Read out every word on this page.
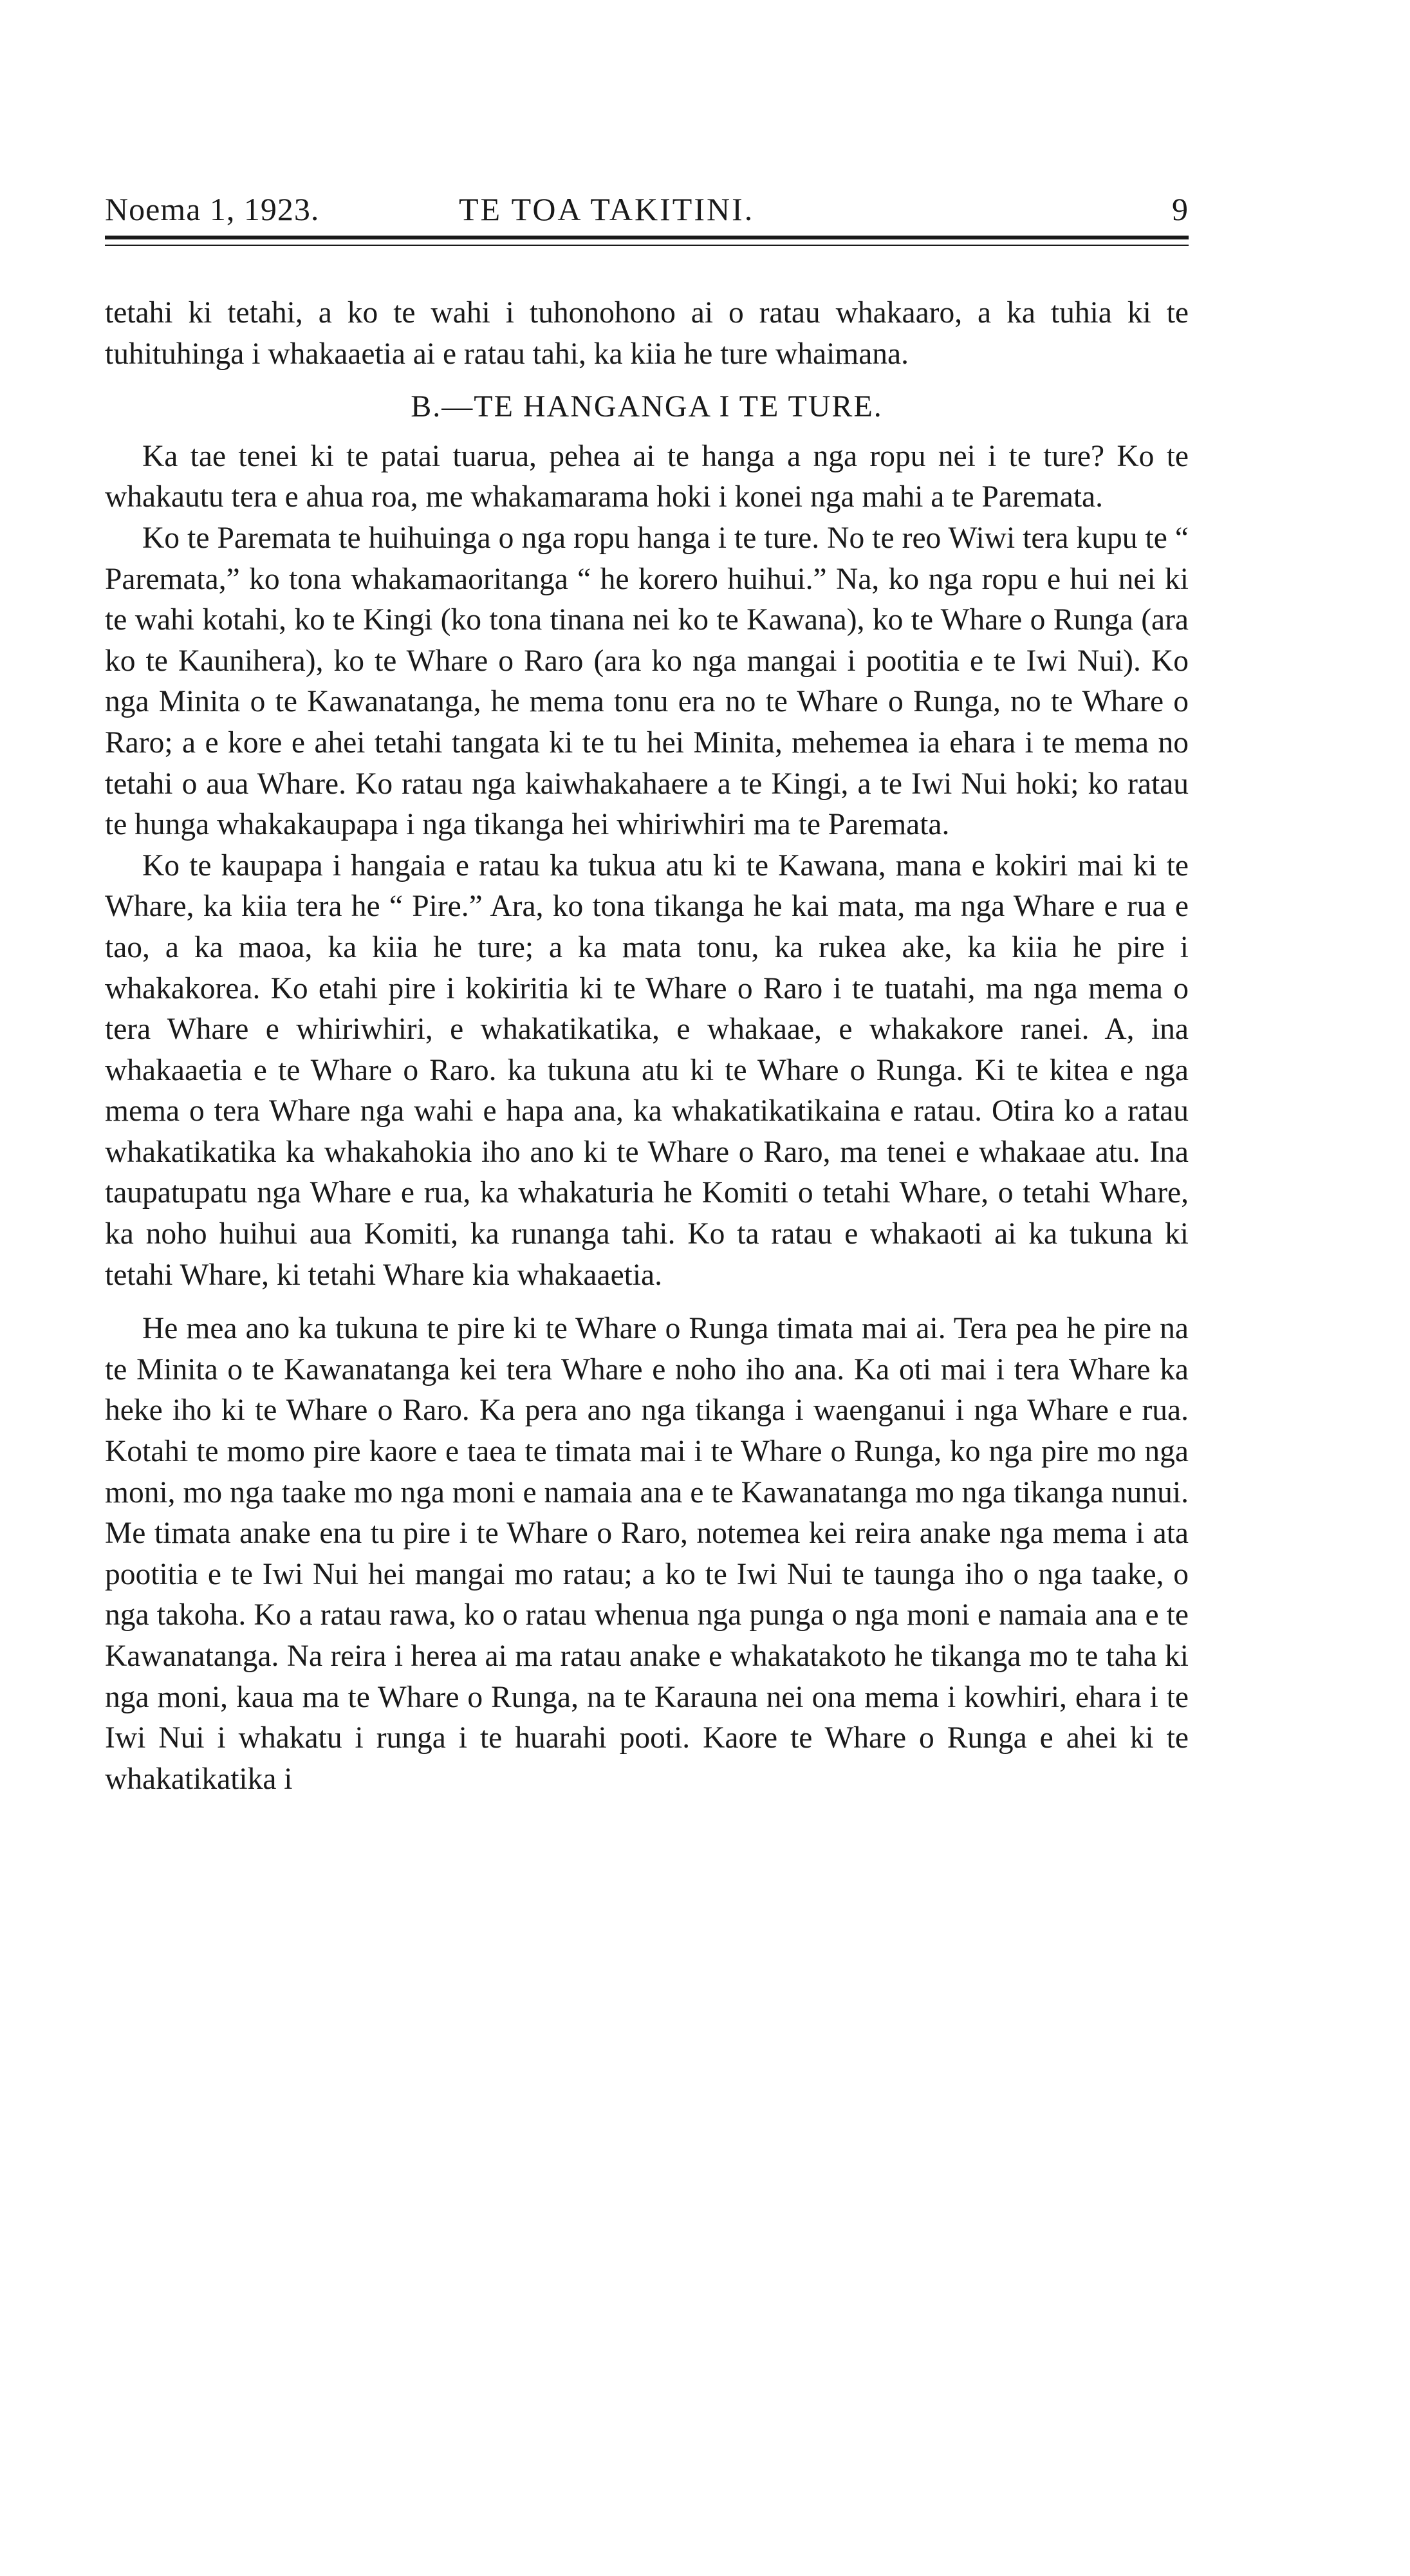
Noema 1, 1923.	TE TOA TAKITINI.	9

tetahi ki tetahi, a ko te wahi i tuhonohono ai o ratau whakaaro, a ka tuhia ki te tuhituhinga i whakaaetia ai e ratau tahi, ka kiia he ture whaimana.

B.—TE HANGANGA I TE TURE.

Ka tae tenei ki te patai tuarua, pehea ai te hanga a nga ropu nei i te ture? Ko te whakautu tera e ahua roa, me whakamarama hoki i konei nga mahi a te Paremata.

Ko te Paremata te huihuinga o nga ropu hanga i te ture. No te reo Wiwi tera kupu te “ Paremata,” ko tona whakamaoritanga “ he korero huihui.” Na, ko nga ropu e hui nei ki te wahi kotahi, ko te Kingi (ko tona tinana nei ko te Kawana), ko te Whare o Runga (ara ko te Kaunihera), ko te Whare o Raro (ara ko nga mangai i pootitia e te Iwi Nui). Ko nga Minita o te Kawanatanga, he mema tonu era no te Whare o Runga, no te Whare o Raro; a e kore e ahei tetahi tangata ki te tu hei Minita, mehemea ia ehara i te mema no tetahi o aua Whare. Ko ratau nga kaiwhakahaere a te Kingi, a te Iwi Nui hoki; ko ratau te hunga whakakaupapa i nga tikanga hei whiriwhiri ma te Paremata.

Ko te kaupapa i hangaia e ratau ka tukua atu ki te Kawana, mana e kokiri mai ki te Whare, ka kiia tera he “ Pire.” Ara, ko tona tikanga he kai mata, ma nga Whare e rua e tao, a ka maoa, ka kiia he ture; a ka mata tonu, ka rukea ake, ka kiia he pire i whakakorea. Ko etahi pire i kokiritia ki te Whare o Raro i te tuatahi, ma nga mema o tera Whare e whiriwhiri, e whakatikatika, e whakaae, e whakakore ranei. A, ina whakaaetia e te Whare o Raro. ka tukuna atu ki te Whare o Runga. Ki te kitea e nga mema o tera Whare nga wahi e hapa ana, ka whakatikatikaina e ratau. Otira ko a ratau whakatikatika ka whakahokia iho ano ki te Whare o Raro, ma tenei e whakaae atu. Ina taupatupatu nga Whare e rua, ka whakaturia he Komiti o tetahi Whare, o tetahi Whare, ka noho huihui aua Komiti, ka runanga tahi. Ko ta ratau e whakaoti ai ka tukuna ki tetahi Whare, ki tetahi Whare kia whakaaetia.

He mea ano ka tukuna te pire ki te Whare o Runga timata mai ai. Tera pea he pire na te Minita o te Kawanatanga kei tera Whare e noho iho ana. Ka oti mai i tera Whare ka heke iho ki te Whare o Raro. Ka pera ano nga tikanga i waenganui i nga Whare e rua. Kotahi te momo pire kaore e taea te timata mai i te Whare o Runga, ko nga pire mo nga moni, mo nga taake mo nga moni e namaia ana e te Kawanatanga mo nga tikanga nunui. Me timata anake ena tu pire i te Whare o Raro, notemea kei reira anake nga mema i ata pootitia e te Iwi Nui hei mangai mo ratau; a ko te Iwi Nui te taunga iho o nga taake, o nga takoha. Ko a ratau rawa, ko o ratau whenua nga punga o nga moni e namaia ana e te Kawanatanga. Na reira i herea ai ma ratau anake e whakatakoto he tikanga mo te taha ki nga moni, kaua ma te Whare o Runga, na te Karauna nei ona mema i kowhiri, ehara i te Iwi Nui i whakatu i runga i te huarahi pooti. Kaore te Whare o Runga e ahei ki te whakatikatika i
